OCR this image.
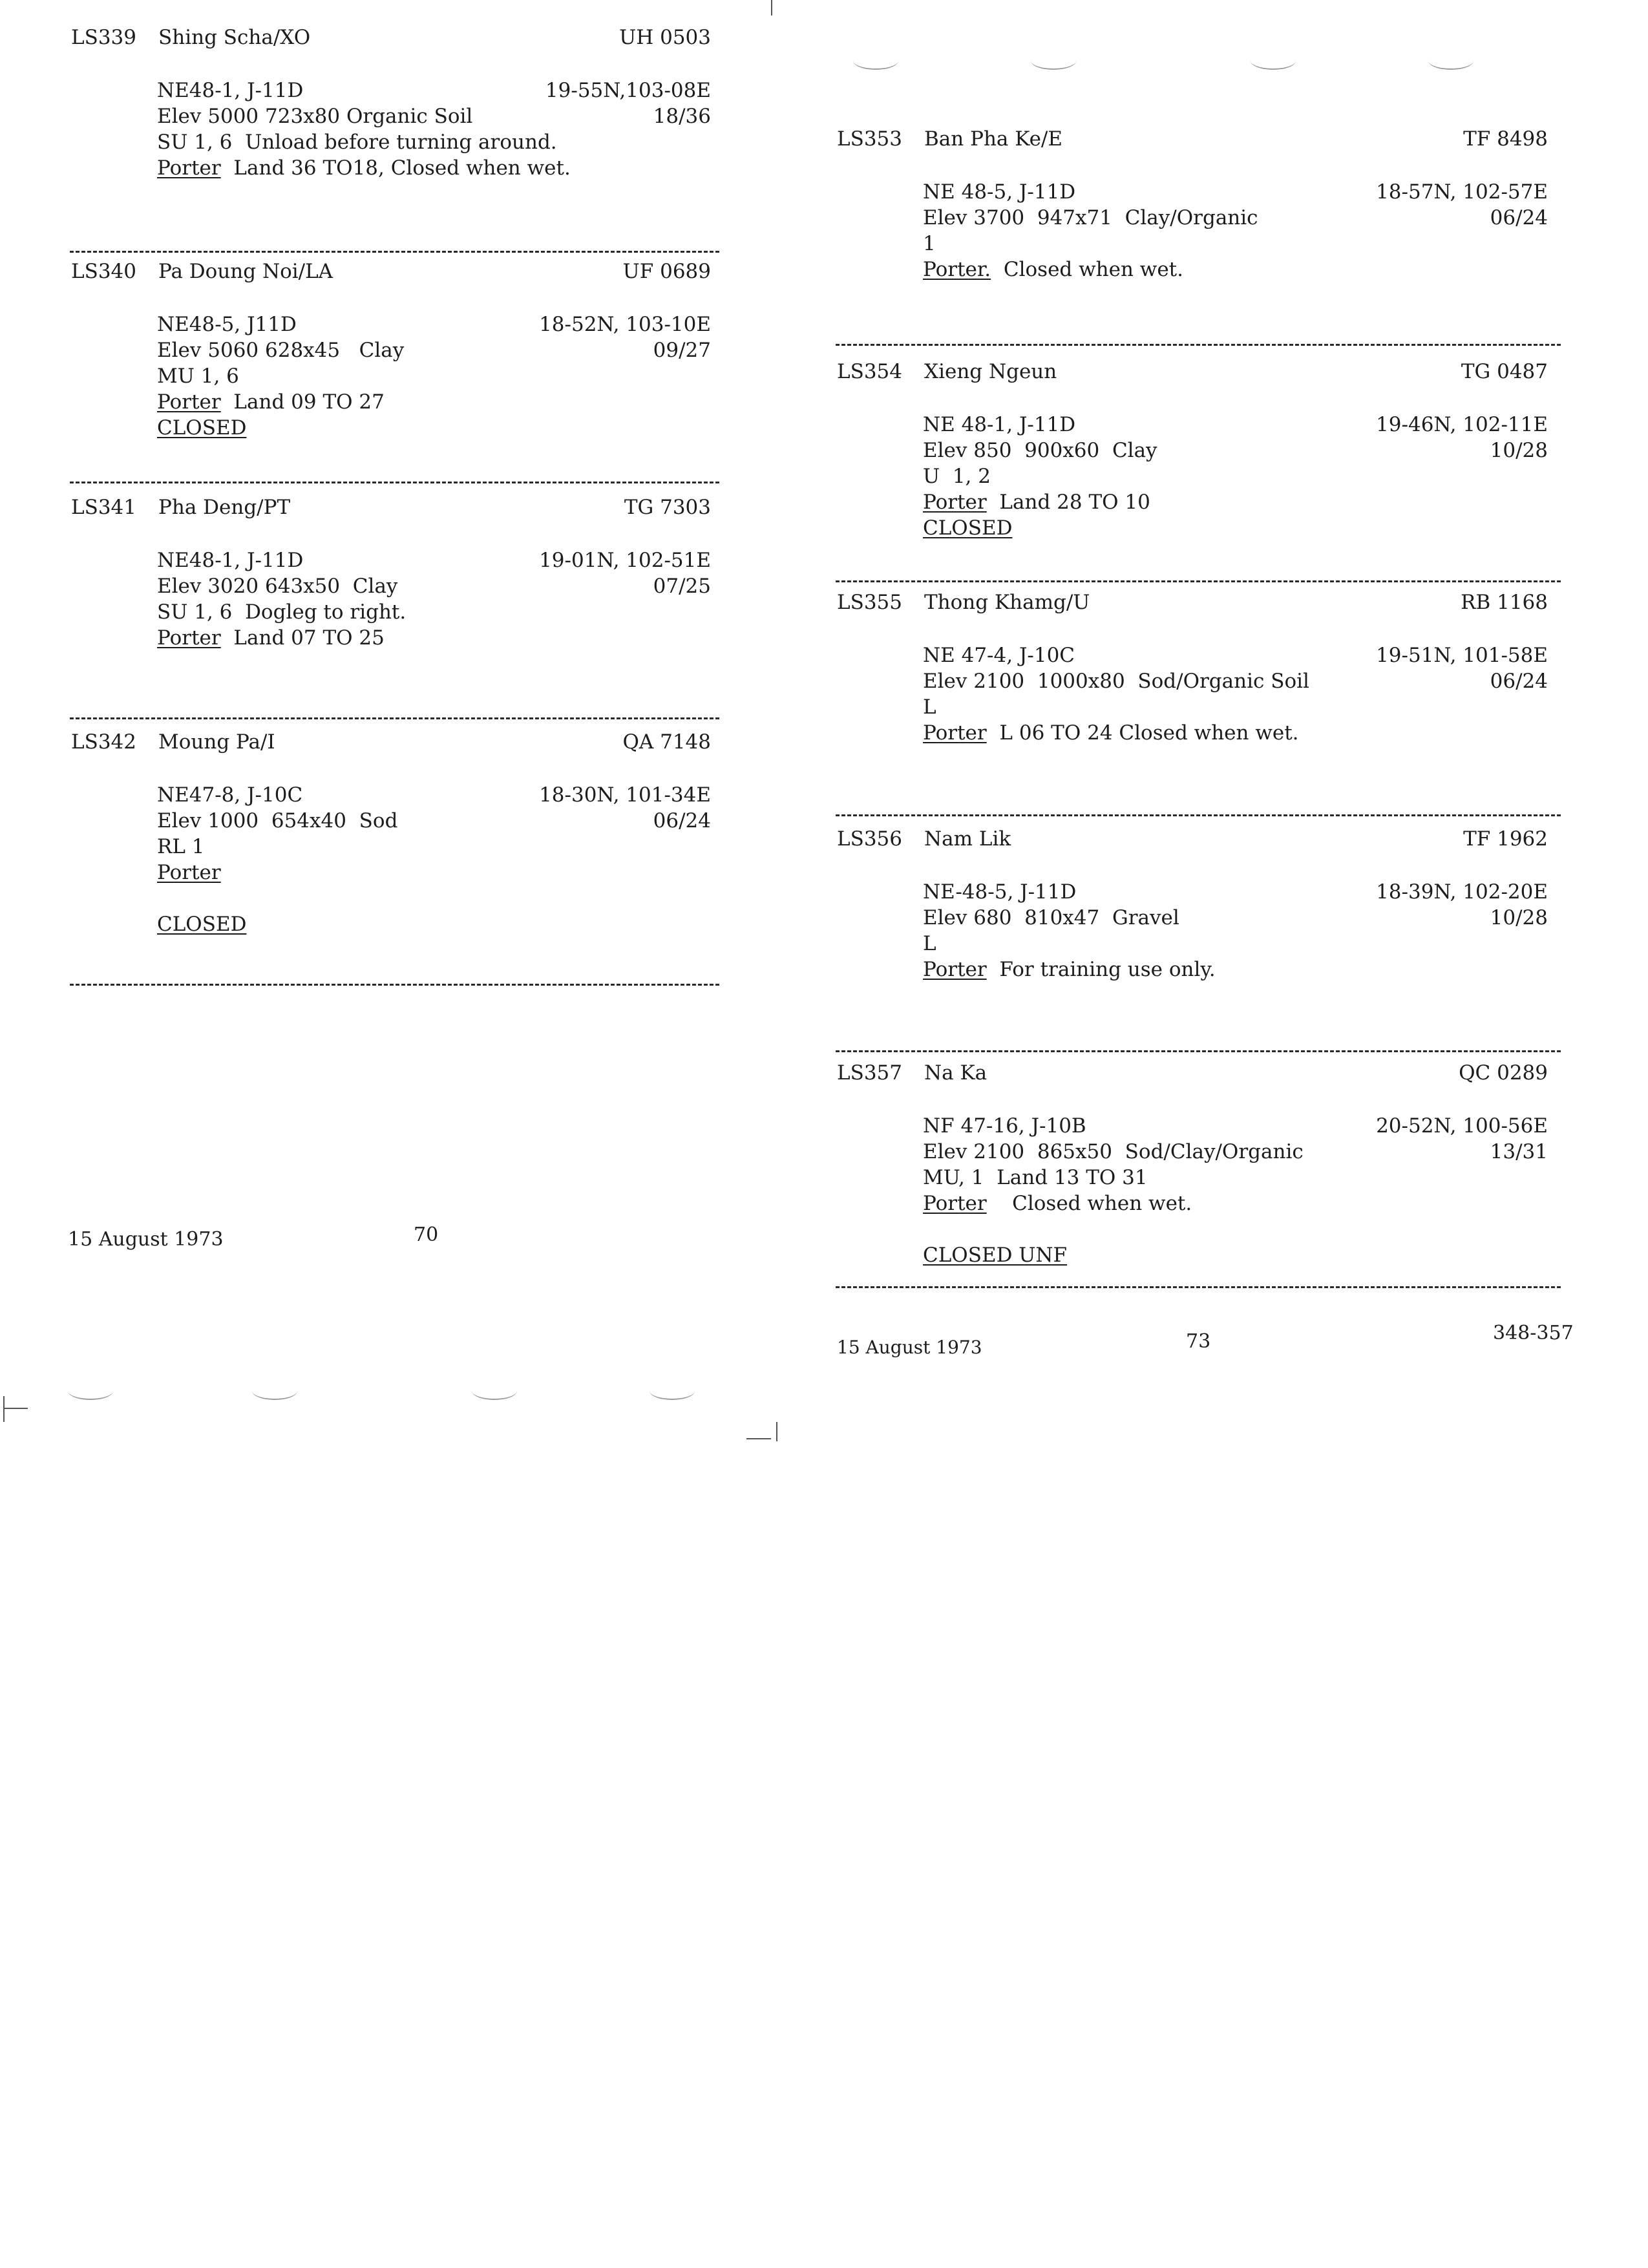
LS339 Shing Scha/XO	UH 0503
NE48-1, J-11D	19-55N,103-08E
Elev 5000 723x80 Organic Soil	18/36
SU 1, 6  Unload before turning around.
Porter  Land 36 TO18, Closed when wet.
LS340 Pa Doung Noi/LA	UF 0689
NE48-5, J11D	18-52N, 103-10E
Elev 5060 628x45   Clay	09/27
MU 1, 6
Porter  Land 09 TO 27
CLOSED
LS341 Pha Deng/PT	TG 7303
NE48-1, J-11D	19-01N, 102-51E
Elev 3020 643x50  Clay	07/25
SU 1, 6  Dogleg to right.
Porter  Land 07 TO 25
LS342 Moung Pa/I	QA 7148
NE47-8, J-10C	18-30N, 101-34E
Elev 1000  654x40  Sod	06/24
RL 1
Porter
CLOSED
15 August 1973	70
LS353 Ban Pha Ke/E	TF 8498
NE 48-5, J-11D	18-57N, 102-57E
Elev 3700  947x71  Clay/Organic	06/24
1
Porter.  Closed when wet.
LS354 Xieng Ngeun	TG 0487
NE 48-1, J-11D	19-46N, 102-11E
Elev 850  900x60  Clay	10/28
U  1, 2
Porter  Land 28 TO 10
CLOSED
LS355 Thong Khamg/U	RB 1168
NE 47-4, J-10C	19-51N, 101-58E
Elev 2100  1000x80  Sod/Organic Soil	06/24
L
Porter  L 06 TO 24 Closed when wet.
LS356 Nam Lik	TF 1962
NE-48-5, J-11D	18-39N, 102-20E
Elev 680  810x47  Gravel	10/28
L
Porter  For training use only.
LS357 Na Ka	QC 0289
NF 47-16, J-10B	20-52N, 100-56E
Elev 2100  865x50  Sod/Clay/Organic	13/31
MU, 1  Land 13 TO 31
Porter    Closed when wet.
CLOSED UNF
15 August 1973	73	348-357
